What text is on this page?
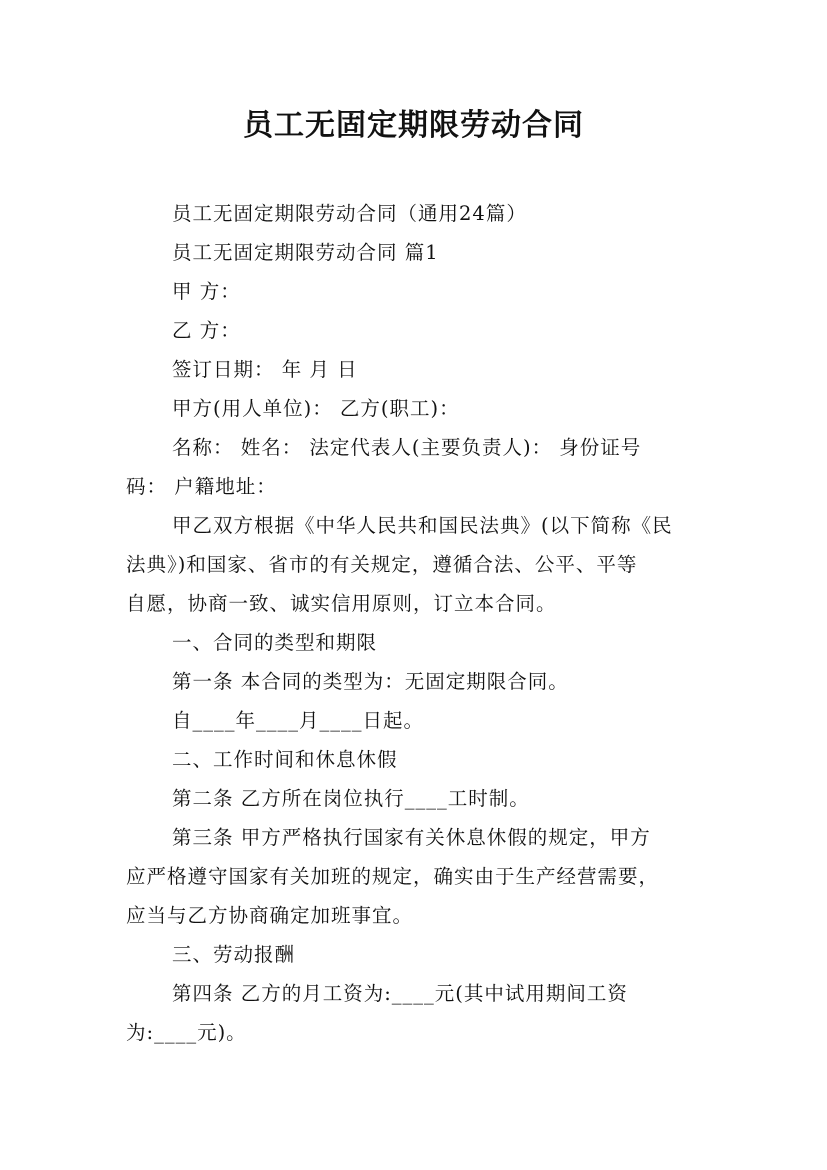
员工无固定期限劳动合同
员工无固定期限劳动合同（通用24篇）
员工无固定期限劳动合同 篇1
甲 方：
乙 方：
签订日期： 年 月 日
甲方(用人单位)： 乙方(职工)：
名称： 姓名： 法定代表人(主要负责人)： 身份证号
码： 户籍地址：
甲乙双方根据《中华人民共和国民法典》(以下简称《民
法典》)和国家、省市的有关规定，遵循合法、公平、平等
自愿，协商一致、诚实信用原则，订立本合同。
一、合同的类型和期限
第一条 本合同的类型为：无固定期限合同。
自____年____月____日起。
二、工作时间和休息休假
第二条 乙方所在岗位执行____工时制。
第三条 甲方严格执行国家有关休息休假的规定，甲方
应严格遵守国家有关加班的规定，确实由于生产经营需要，
应当与乙方协商确定加班事宜。
三、劳动报酬
第四条 乙方的月工资为:____元(其中试用期间工资
为:____元)。
